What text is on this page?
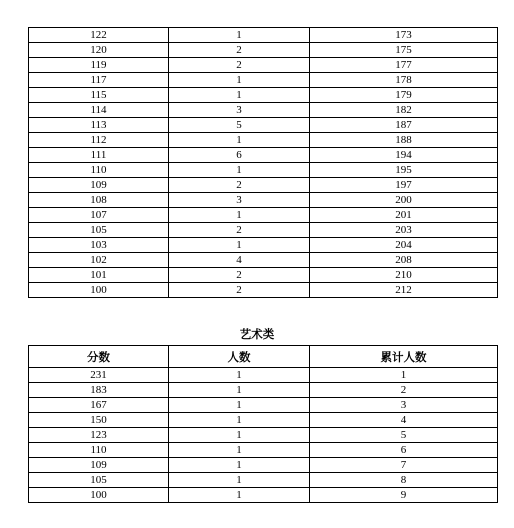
122	1	173
120	2	175
119	2	177
117	1	178
115	1	179
114	3	182
113	5	187
112	1	188
111	6	194
110	1	195
109	2	197
108	3	200
107	1	201
105	2	203
103	1	204
102	4	208
101	2	210
100	2	212
艺术类
分数	人数	累计人数
231	1	1
183	1	2
167	1	3
150	1	4
123	1	5
110	1	6
109	1	7
105	1	8
100	1	9
